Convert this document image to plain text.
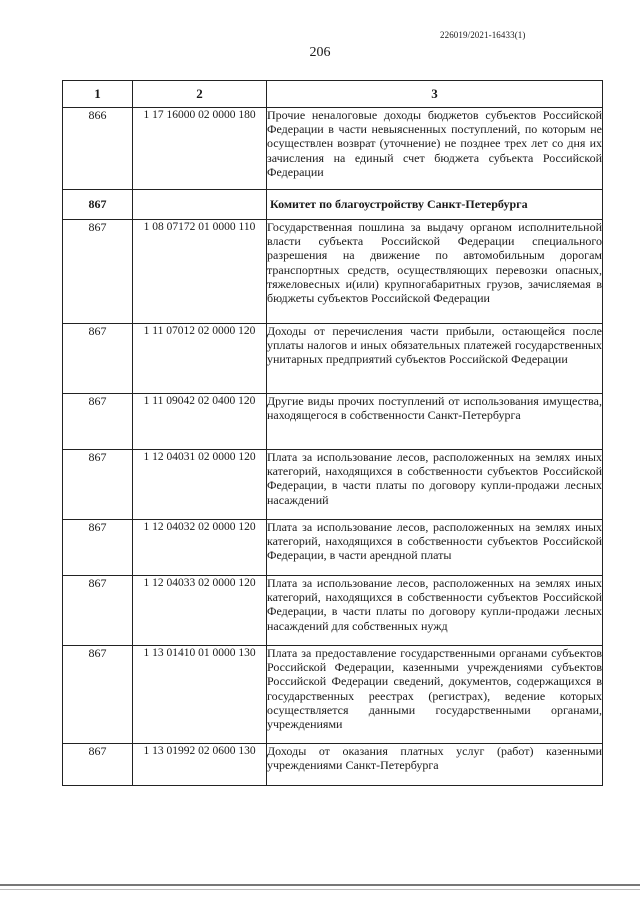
226019/2021-16433(1)
206
1	2	3
866	1 17 16000 02 0000 180	Прочие неналоговые доходы бюджетов субъектов Российской Федерации в части невыясненных поступлений, по которым не осуществлен возврат (уточнение) не позднее трех лет со дня их зачисления на единый счет бюджета субъекта Российской Федерации
867		Комитет по благоустройству Санкт-Петербурга
867	1 08 07172 01 0000 110	Государственная пошлина за выдачу органом исполнительной власти субъекта Российской Федерации специального разрешения на движение по автомобильным дорогам транспортных средств, осуществляющих перевозки опасных, тяжеловесных и(или) крупногабаритных грузов, зачисляемая в бюджеты субъектов Российской Федерации
867	1 11 07012 02 0000 120	Доходы от перечисления части прибыли, остающейся после уплаты налогов и иных обязательных платежей государственных унитарных предприятий субъектов Российской Федерации
867	1 11 09042 02 0400 120	Другие виды прочих поступлений от использования имущества, находящегося в собственности Санкт-Петербурга
867	1 12 04031 02 0000 120	Плата за использование лесов, расположенных на землях иных категорий, находящихся в собственности субъектов Российской Федерации, в части платы по договору купли-продажи лесных насаждений
867	1 12 04032 02 0000 120	Плата за использование лесов, расположенных на землях иных категорий, находящихся в собственности субъектов Российской Федерации, в части арендной платы
867	1 12 04033 02 0000 120	Плата за использование лесов, расположенных на землях иных категорий, находящихся в собственности субъектов Российской Федерации, в части платы по договору купли-продажи лесных насаждений для собственных нужд
867	1 13 01410 01 0000 130	Плата за предоставление государственными органами субъектов Российской Федерации, казенными учреждениями субъектов Российской Федерации сведений, документов, содержащихся в государственных реестрах (регистрах), ведение которых осуществляется данными государственными органами, учреждениями
867	1 13 01992 02 0600 130	Доходы от оказания платных услуг (работ) казенными учреждениями Санкт-Петербурга
